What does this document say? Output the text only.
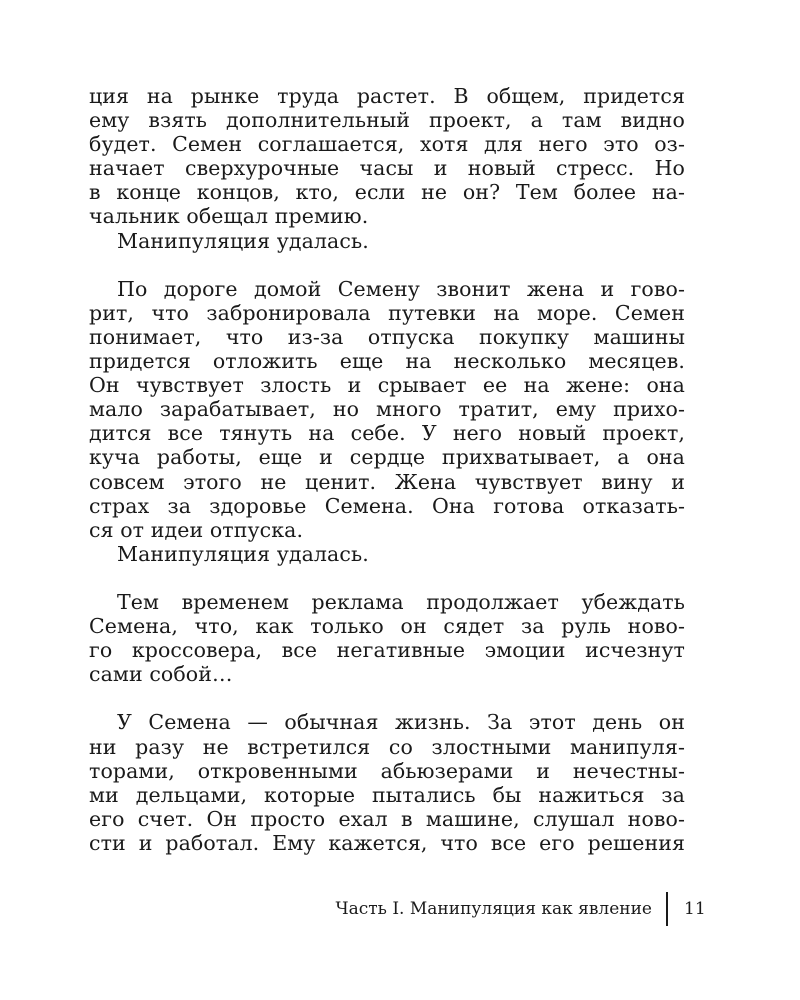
ция на рынке труда растет. В общем, придется
ему взять дополнительный проект, а там видно
будет. Семен соглашается, хотя для него это оз-
начает сверхурочные часы и новый стресс. Но
в конце концов, кто, если не он? Тем более на-
чальник обещал премию.
Манипуляция удалась.
По дороге домой Семену звонит жена и гово-
рит, что забронировала путевки на море. Семен
понимает, что из-за отпуска покупку машины
придется отложить еще на несколько месяцев.
Он чувствует злость и срывает ее на жене: она
мало зарабатывает, но много тратит, ему прихо-
дится все тянуть на себе. У него новый проект,
куча работы, еще и сердце прихватывает, а она
совсем этого не ценит. Жена чувствует вину и
страх за здоровье Семена. Она готова отказать-
ся от идеи отпуска.
Манипуляция удалась.
Тем временем реклама продолжает убеждать
Семена, что, как только он сядет за руль ново-
го кроссовера, все негативные эмоции исчезнут
сами собой…
У Семена — обычная жизнь. За этот день он
ни разу не встретился со злостными манипуля-
торами, откровенными абьюзерами и нечестны-
ми дельцами, которые пытались бы нажиться за
его счет. Он просто ехал в машине, слушал ново-
сти и работал. Ему кажется, что все его решения
Часть I. Манипуляция как явление 11
